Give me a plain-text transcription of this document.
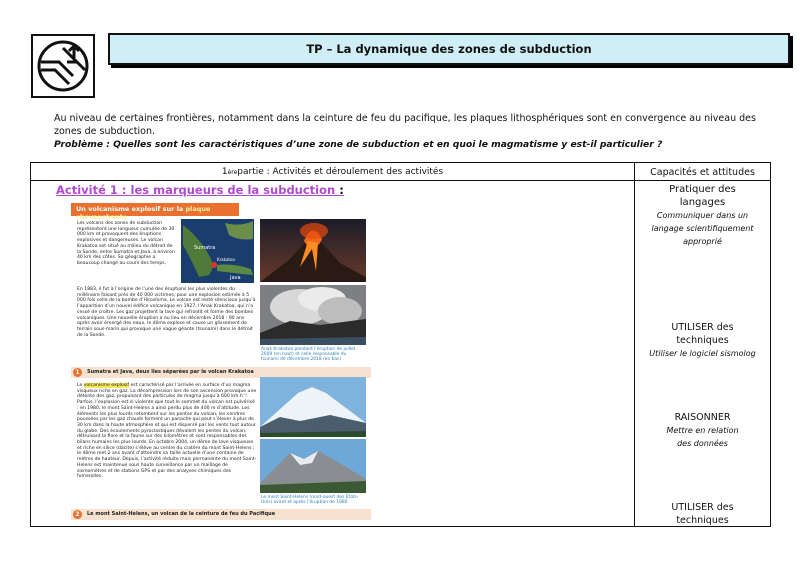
TP – La dynamique des zones de subduction
Au niveau de certaines frontières, notamment dans la ceinture de feu du pacifique, les plaques lithosphériques sont en convergence au niveau des zones de subduction.
Problème : Quelles sont les caractéristiques d’une zone de subduction et en quoi le magmatisme y est-il particulier ?
1 ère partie : Activités et déroulement des activités	Capacités et attitudes
Activité 1 : les marqueurs de la subduction :
Un volcanisme explosif sur la plaque chevauchante
Les volcans des zones de subduction représentent une longueur cumulée de 30 000 km et provoquent des éruptions explosives et dangereuses. Le volcan Krakatoa est situé au milieu du détroit de la Sonde, entre Sumatra et Java, à environ 40 km des côtes. Sa géographie a beaucoup changé au cours des temps.
Sumatra
Java
Krakatoa
Anak Krakatoa pendant l’éruption de juillet 2009 (en haut) et celle responsable du tsunami de décembre 2018 (en bas)
En 1883, il fut à l’origine de l’une des éruptions les plus violentes du millénaire faisant près de 40 000 victimes, pour une explosion estimée à 5 000 fois celle de la bombe d’Hiroshima. Le volcan est resté silencieux jusqu’à l’apparition d’un nouvel édifice volcanique en 1927, l’Anak Krakatoa, qui n’a cessé de croître. Les gaz projettent la lave qui refroidit et forme des bombes volcaniques. Une nouvelle éruption a eu lieu en décembre 2018 : 90 ans après avoir émergé des eaux, le dôme explose et cause un glissement de terrain sous-marin qui provoque une vague géante (tsunami) dans le détroit de la Sonde.
1	Sumatra et Java, deux îles séparées par le volcan Krakatoa
Le volcanisme explosif est caractérisé par l’arrivée en surface d’un magma visqueux riche en gaz. La décompression lors de son ascension provoque une détente des gaz, propulsant des particules de magma jusqu’à 600 km.h⁻¹. Parfois, l’explosion est si violente que tout le sommet du volcan est pulvérisé : en 1980, le mont Saint-Helens a ainsi perdu plus de 400 m d’altitude. Les éléments les plus lourds retombent sur les pentes du volcan, les cendres poussées par les gaz chauds forment un panache qui peut s’élever à plus de 30 km dans la haute atmosphère et qui est dispersé par les vents tout autour du globe. Des écoulements pyroclastiques dévalent les pentes du volcan, détruisant la flore et la faune sur des kilomètres et sont responsables des bilans humains les plus lourds. En octobre 2004, un dôme de lave visqueuse et riche en silice (dacite) s’élève au centre du cratère du mont Saint-Helens ; le dôme met 2 ans avant d’atteindre sa taille actuelle d’une centaine de mètres de hauteur. Depuis, l’activité réduite mais permanente du mont Saint-Helens est maintenue sous haute surveillance par un maillage de sismomètres et de stations GPS et par des analyses chimiques des fumerolles.
Le mont Saint-Helens (nord-ouest des États-Unis) avant et après l’éruption de 1980
2	Le mont Saint-Helens, un volcan de la ceinture de feu du Pacifique
Pratiquer des langages
Communiquer dans un langage scientifiquement approprié
UTILISER des techniques
Utiliser le logiciel sismolog
RAISONNER
Mettre en relation des données
UTILISER des techniques
